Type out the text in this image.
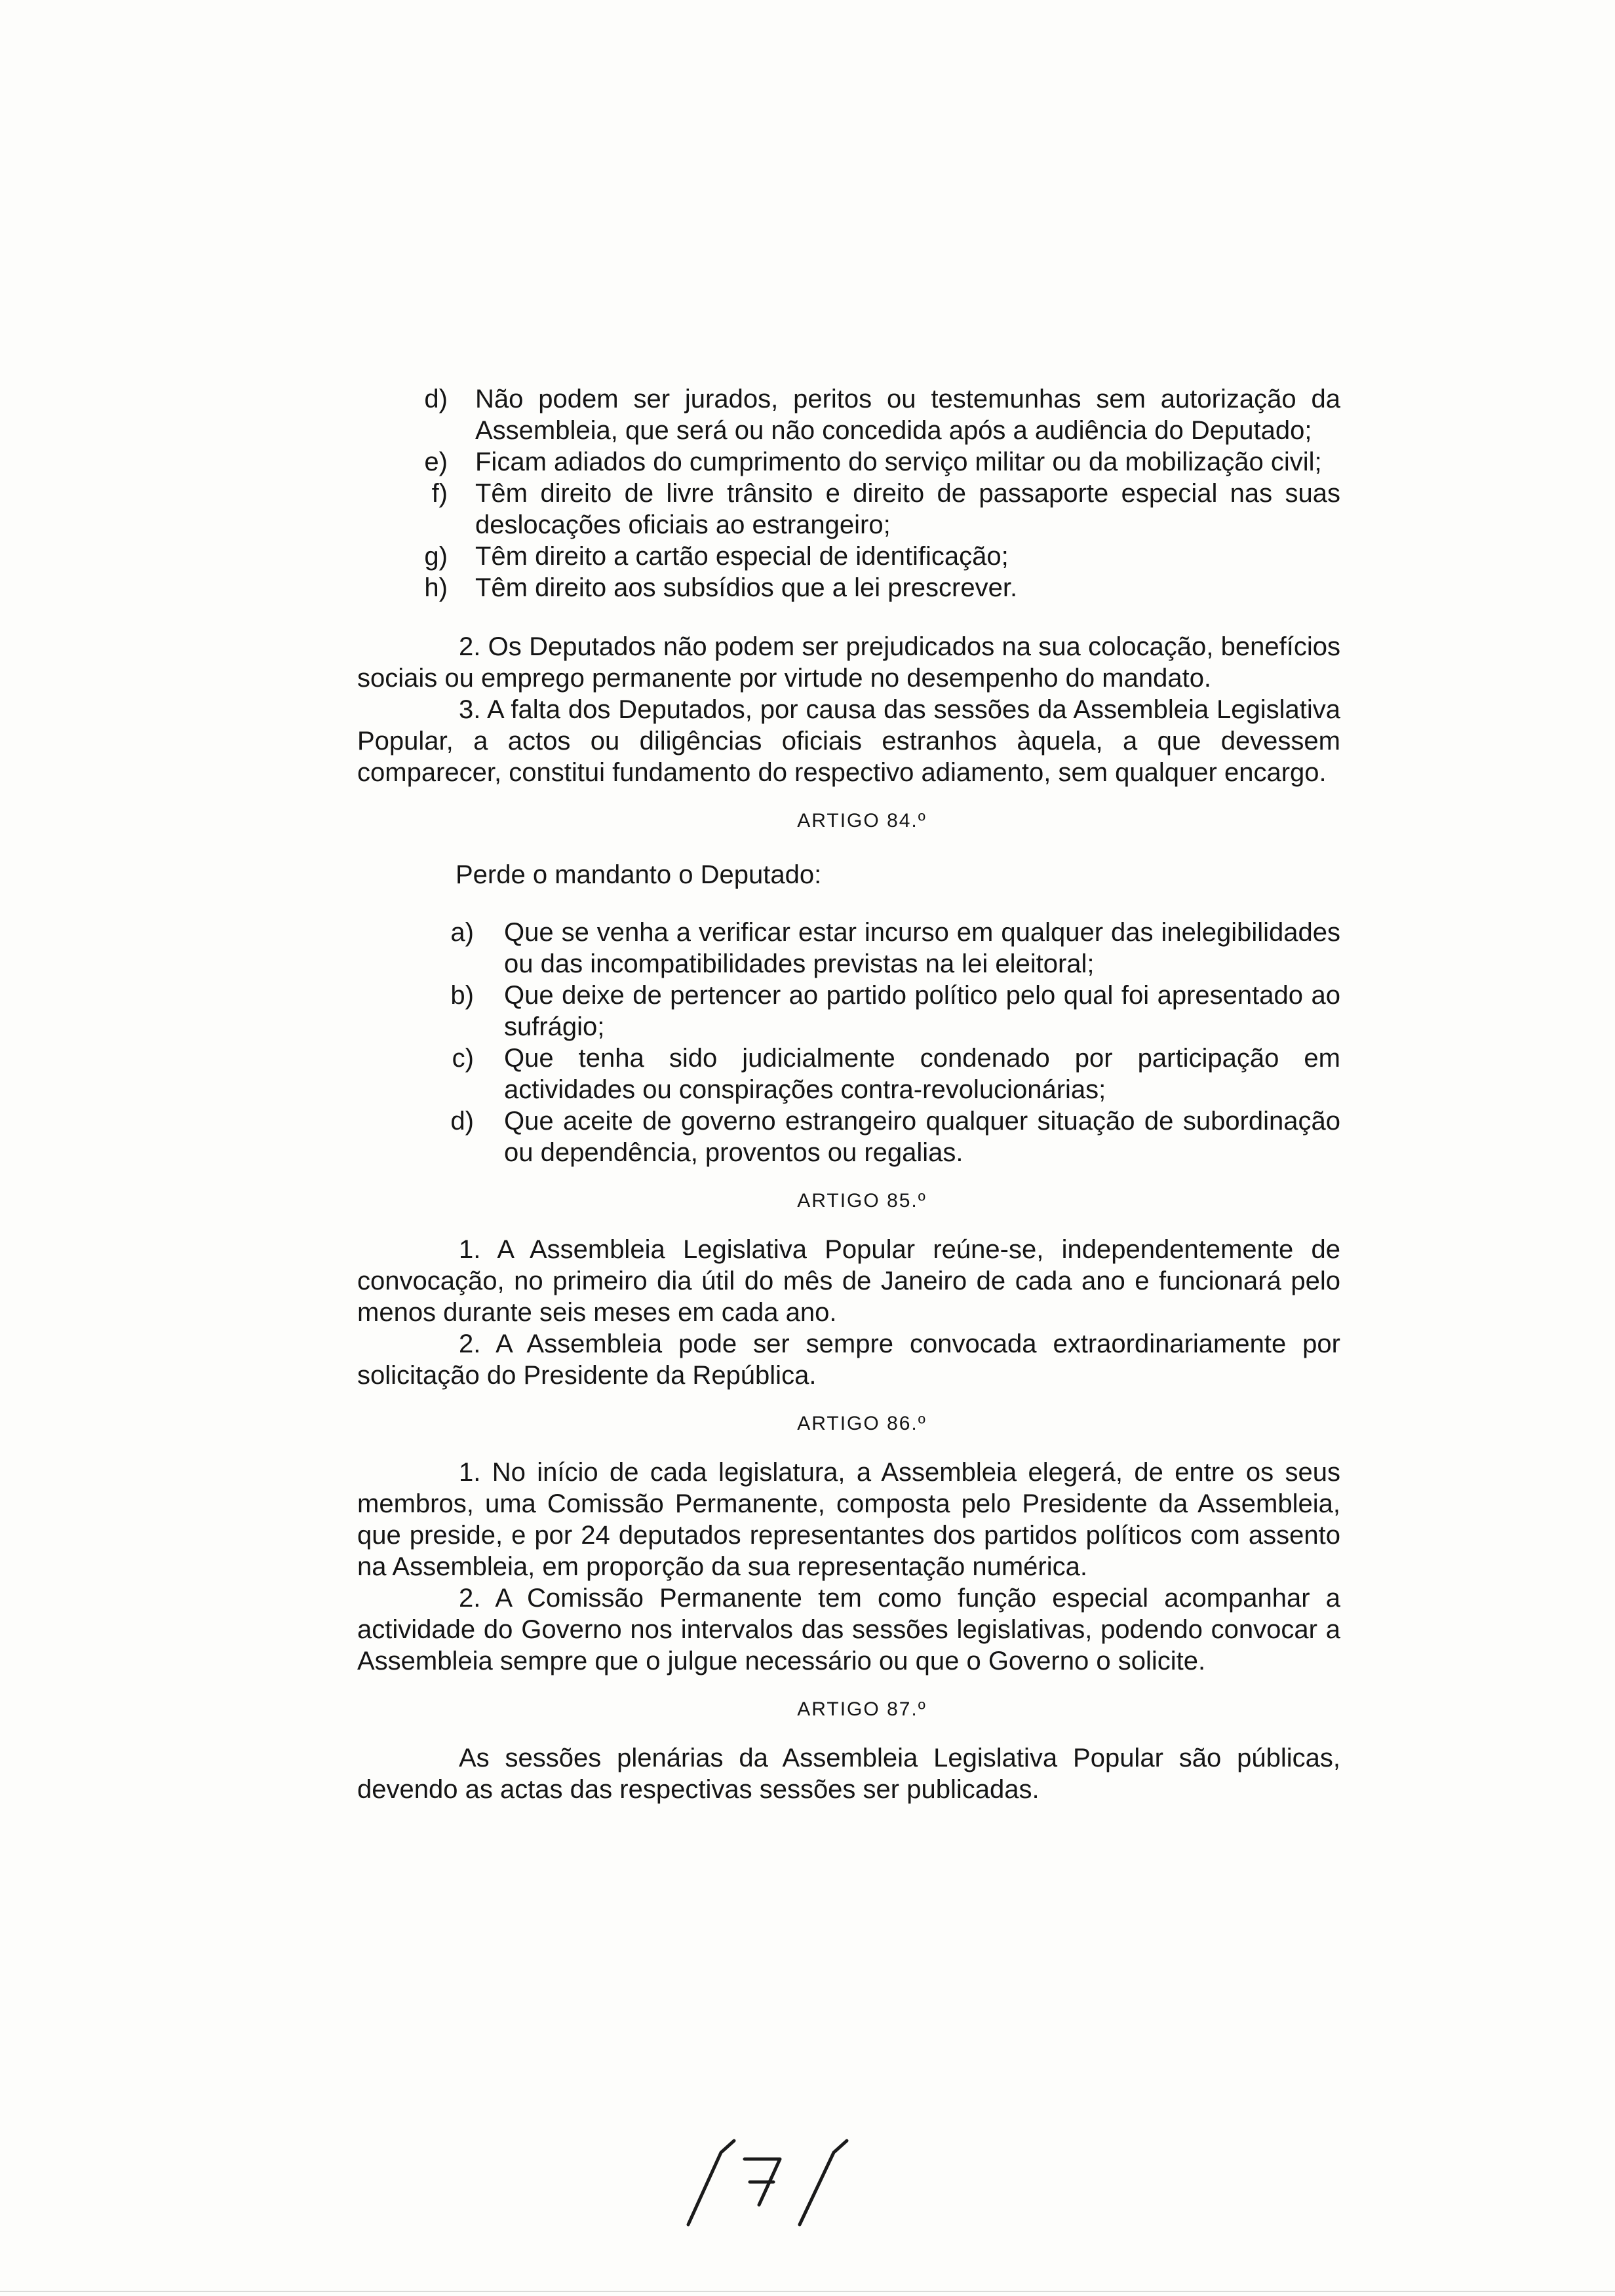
d)	Não podem ser jurados, peritos ou testemunhas sem autorização da Assembleia, que será ou não concedida após a audiência do Deputado;
e)	Ficam adiados do cumprimento do serviço militar ou da mobilização civil;
f)	Têm direito de livre trânsito e direito de passaporte especial nas suas deslocações oficiais ao estrangeiro;
g)	Têm direito a cartão especial de identificação;
h)	Têm direito aos subsídios que a lei prescrever.

2. Os Deputados não podem ser prejudicados na sua colocação, benefícios sociais ou emprego permanente por virtude no desempenho do mandato.

3. A falta dos Deputados, por causa das sessões da Assembleia Legislativa Popular, a actos ou diligências oficiais estranhos àquela, a que devessem comparecer, constitui fundamento do respectivo adiamento, sem qualquer encargo.

ARTIGO 84.º

Perde o mandanto o Deputado:

a)	Que se venha a verificar estar incurso em qualquer das inelegibilidades ou das incompatibilidades previstas na lei eleitoral;
b)	Que deixe de pertencer ao partido político pelo qual foi apresentado ao sufrágio;
c)	Que tenha sido judicialmente condenado por participação em actividades ou conspirações contra-revolucionárias;
d)	Que aceite de governo estrangeiro qualquer situação de subordinação ou dependência, proventos ou regalias.
ARTIGO 85.º

1. A Assembleia Legislativa Popular reúne-se, independentemente de convocação, no primeiro dia útil do mês de Janeiro de cada ano e funcionará pelo menos durante seis meses em cada ano.

2. A Assembleia pode ser sempre convocada extraordinariamente por solicitação do Presidente da República.

ARTIGO 86.º

1. No início de cada legislatura, a Assembleia elegerá, de entre os seus membros, uma Comissão Permanente, composta pelo Presidente da Assembleia, que preside, e por 24 deputados representantes dos partidos políticos com assento na Assembleia, em proporção da sua representação numérica.

2. A Comissão Permanente tem como função especial acompanhar a actividade do Governo nos intervalos das sessões legislativas, podendo convocar a Assembleia sempre que o julgue necessário ou que o Governo o solicite.

ARTIGO 87.º

As sessões plenárias da Assembleia Legislativa Popular são públicas, devendo as actas das respectivas sessões ser publicadas.
